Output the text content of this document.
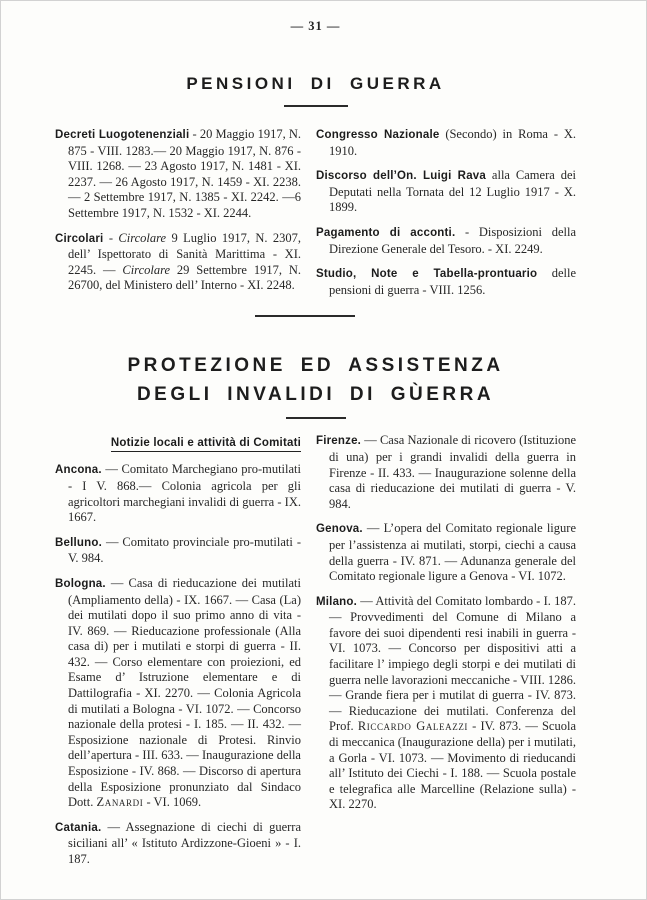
— 31 —
PENSIONI DI GUERRA

Decreti Luogotenenziali - 20 Maggio 1917, N. 875 - VIII. 1283.— 20 Maggio 1917, N. 876 - VIII. 1268. — 23 Agosto 1917, N. 1481 - XI. 2237. — 26 Agosto 1917, N. 1459 - XI. 2238.— 2 Settembre 1917, N. 1385 - XI. 2242. —6 Settembre 1917, N. 1532 - XI. 2244.

Circolari - Circolare 9 Luglio 1917, N. 2307, dell’ Ispettorato di Sanità Marittima - XI. 2245. — Circolare 29 Settembre 1917, N. 26700, del Ministero dell’ Interno - XI. 2248.

Congresso Nazionale (Secondo) in Roma - X. 1910.

Discorso dell’On. Luigi Rava alla Camera dei Deputati nella Tornata del 12 Luglio 1917 - X. 1899.

Pagamento di acconti. - Disposizioni della Direzione Generale del Tesoro. - XI. 2249.

Studio, Note e Tabella-prontuario delle pensioni di guerra - VIII. 1256.

PROTEZIONE ED ASSISTENZA
DEGLI INVALIDI DI GÙERRA
Notizie locali e attività di Comitati

Ancona. — Comitato Marchegiano pro-mutilati - I V. 868.— Colonia agricola per gli agricoltori marchegiani invalidi di guerra - IX. 1667.

Belluno. — Comitato provinciale pro-mutilati - V. 984.

Bologna. — Casa di rieducazione dei mutilati (Ampliamento della) - IX. 1667. — Casa (La) dei mutilati dopo il suo primo anno di vita - IV. 869. — Rieducazione professionale (Alla casa di) per i mutilati e storpi di guerra - II. 432. — Corso elementare con proiezioni, ed Esame d’ Istruzione elementare e di Dattilografia - XI. 2270. — Colonia Agricola di mutilati a Bologna - VI. 1072. — Concorso nazionale della protesi - I. 185. — II. 432. — Esposizione nazionale di Protesi. Rinvio dell’apertura - III. 633. — Inaugurazione della Esposizione - IV. 868. — Discorso di apertura della Esposizione pronunziato dal Sindaco Dott. Zanardi - VI. 1069.

Catania. — Assegnazione di ciechi di guerra siciliani all’ « Istituto Ardizzone-Gioeni » - I. 187.

Firenze. — Casa Nazionale di ricovero (Istituzione di una) per i grandi invalidi della guerra in Firenze - II. 433. — Inaugurazione solenne della casa di rieducazione dei mutilati di guerra - V. 984.

Genova. — L’opera del Comitato regionale ligure per l’assistenza ai mutilati, storpi, ciechi a causa della guerra - IV. 871. — Adunanza generale del Comitato regionale ligure a Genova - VI. 1072.

Milano. — Attività del Comitato lombardo - I. 187. — Provvedimenti del Comune di Milano a favore dei suoi dipendenti resi inabili in guerra - VI. 1073. — Concorso per dispositivi atti a facilitare l’ impiego degli storpi e dei mutilati di guerra nelle lavorazioni meccaniche - VIII. 1286. — Grande fiera per i mutilat di guerra - IV. 873. — Rieducazione dei mutilati. Conferenza del Prof. Riccardo Galeazzi - IV. 873. — Scuola di meccanica (Inaugurazione della) per i mutilati, a Gorla - VI. 1073. — Movimento di rieducandi all’ Istituto dei Ciechi - I. 188. — Scuola postale e telegrafica alle Marcelline (Relazione sulla) - XI. 2270.
